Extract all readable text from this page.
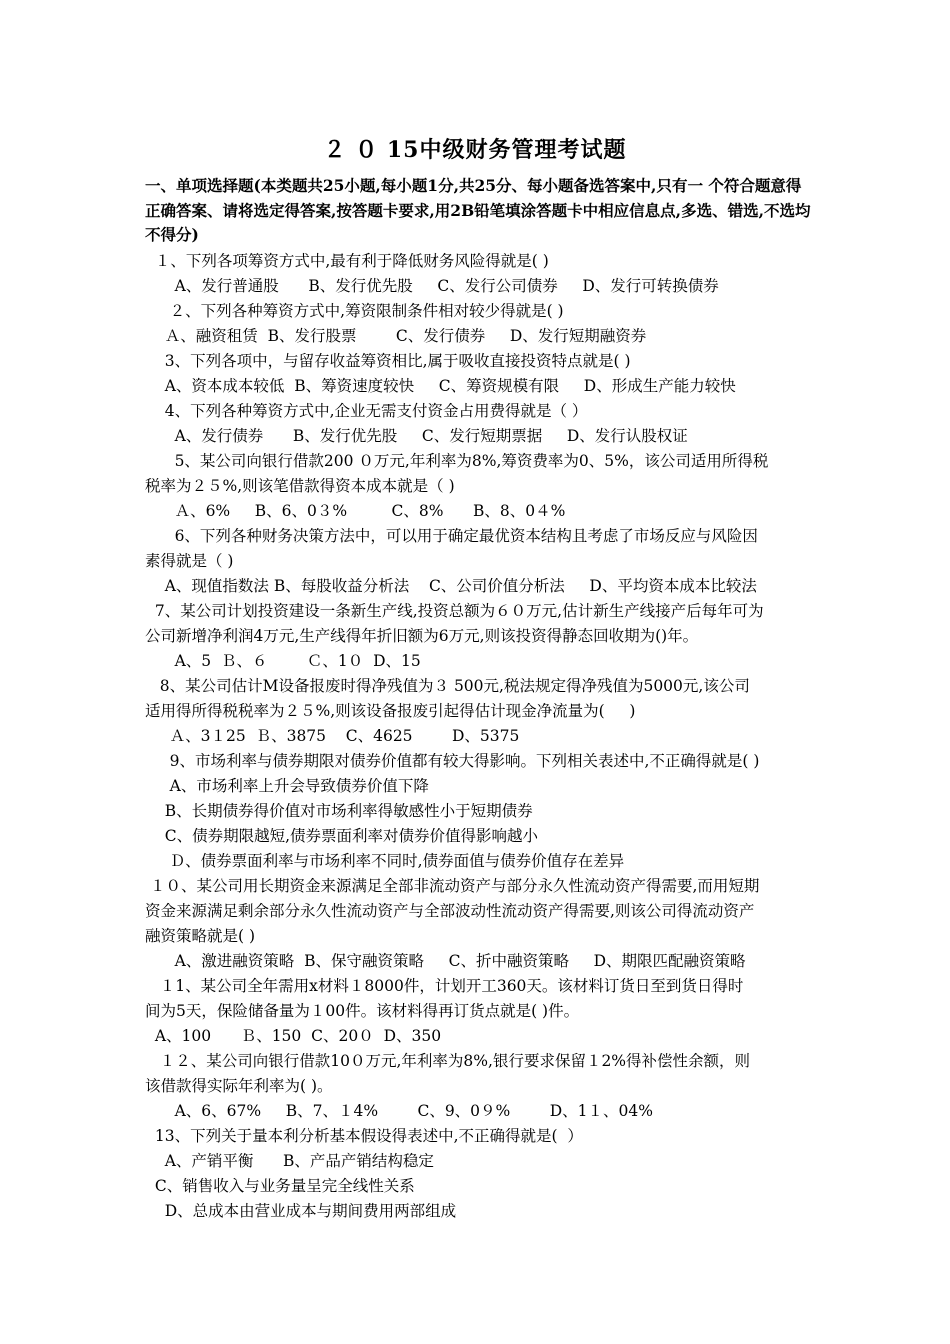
２ ０ 15中级财务管理考试题
一、单项选择题(本类题共25小题,每小题1分,共25分、每小题备选答案中,只有一 个符合题意得正确答案、请将选定得答案,按答题卡要求,用2B铅笔填涂答题卡中相应信息点,多选、错选,不选均不得分)
１、下列各项筹资方式中,最有利于降低财务风险得就是( )
A、发行普通股      B、发行优先股     C、发行公司债券     D、发行可转换债券
２、下列各种筹资方式中,筹资限制条件相对较少得就是( )
Ａ、融资租赁  B、发行股票        C、发行债券     D、发行短期融资券
3、下列各项中，与留存收益筹资相比,属于吸收直接投资特点就是( )
A、资本成本较低  B、筹资速度较快     C、筹资规模有限     D、形成生产能力较快
4、下列各种筹资方式中,企业无需支付资金占用费得就是（ ）
A、发行债券      B、发行优先股     C、发行短期票据     D、发行认股权证
5、某公司向银行借款200 ０万元,年利率为8%,筹资费率为0、5%，该公司适用所得税
税率为２５%,则该笔借款得资本成本就是（ )
Ａ、6%     B、6、0３%         C、8%      B、8、0４%
6、下列各种财务决策方法中，可以用于确定最优资本结构且考虑了市场反应与风险因
素得就是（ )
A、现值指数法 B、每股收益分析法    C、公司价值分析法     D、平均资本成本比较法
7、某公司计划投资建设一条新生产线,投资总额为６０万元,估计新生产线接产后每年可为
公司新增净利润4万元,生产线得年折旧额为6万元,则该投资得静态回收期为()年。
A、5  Ｂ、６        Ｃ、1０  D、15
8、某公司估计M设备报废时得净残值为３ 500元,税法规定得净残值为5000元,该公司
适用得所得税税率为２５%,则该设备报废引起得估计现金净流量为(     )
Ａ、3１25  Ｂ、3875    C、4625        D、5375
9、市场利率与债券期限对债券价值都有较大得影响。下列相关表述中,不正确得就是( )
A、市场利率上升会导致债券价值下降
B、长期债券得价值对市场利率得敏感性小于短期债券
C、债券期限越短,债券票面利率对债券价值得影响越小
Ｄ、债券票面利率与市场利率不同时,债券面值与债券价值存在差异
１０、某公司用长期资金来源满足全部非流动资产与部分永久性流动资产得需要,而用短期
资金来源满足剩余部分永久性流动资产与全部波动性流动资产得需要,则该公司得流动资产
融资策略就是( )
A、激进融资策略  B、保守融资策略     C、折中融资策略     D、期限匹配融资策略
１1、某公司全年需用x材料１8000件，计划开工360天。该材料订货日至到货日得时
间为5天，保险储备量为１00件。该材料得再订货点就是( )件。
A、100      Ｂ、150  C、20０  D、350
１２、某公司向银行借款10０万元,年利率为8%,银行要求保留１2%得补偿性余额，则
该借款得实际年利率为( )。
A、6、67%     B、7、１4%        C、9、0９%        D、1１、04%
13、下列关于量本利分析基本假设得表述中,不正确得就是(  ）
A、产销平衡      B、产品产销结构稳定
C、销售收入与业务量呈完全线性关系
D、总成本由营业成本与期间费用两部组成
